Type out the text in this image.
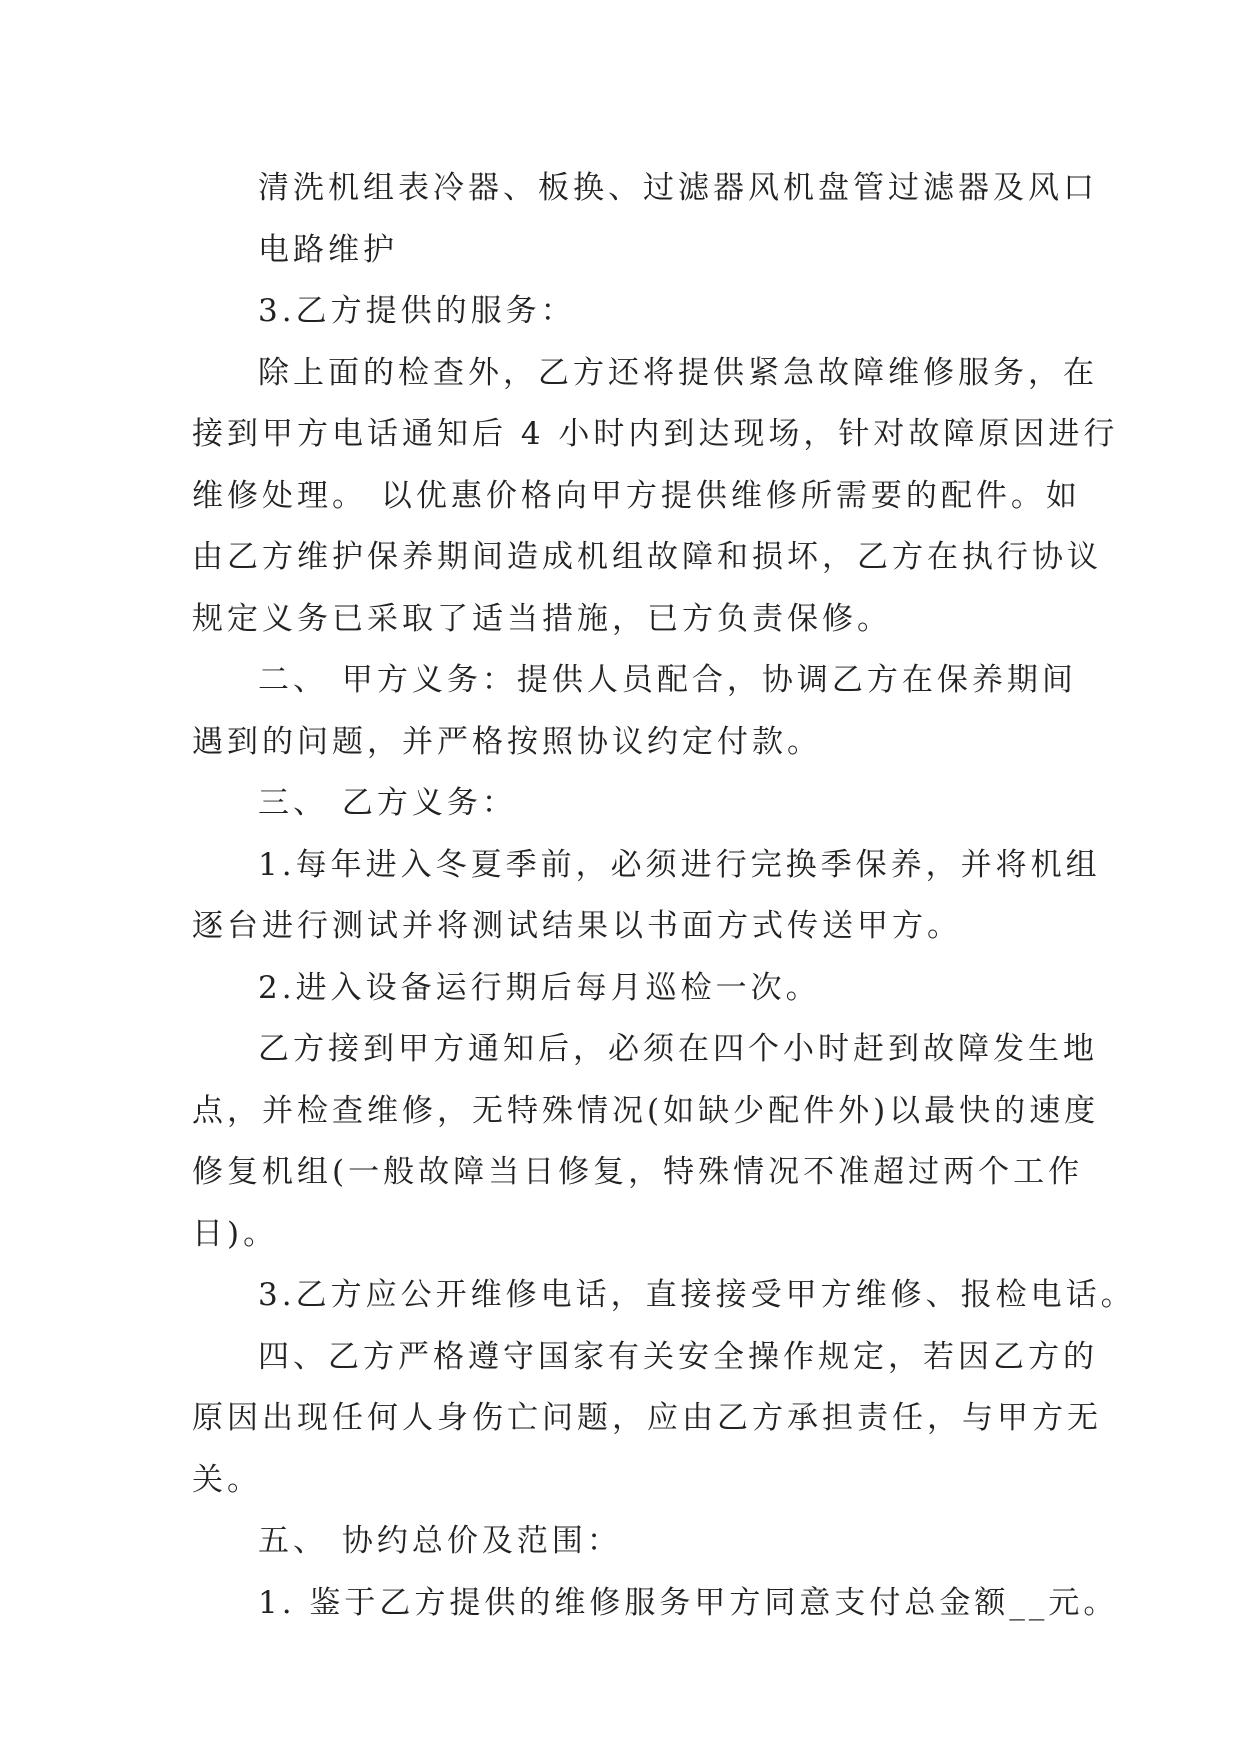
清洗机组表冷器、板换、过滤器风机盘管过滤器及风口
电路维护
3.乙方提供的服务：
除上面的检查外，乙方还将提供紧急故障维修服务，在
接到甲方电话通知后 4 小时内到达现场，针对故障原因进行
维修处理。 以优惠价格向甲方提供维修所需要的配件。如
由乙方维护保养期间造成机组故障和损坏，乙方在执行协议
规定义务已采取了适当措施，已方负责保修。
二、 甲方义务：提供人员配合，协调乙方在保养期间
遇到的问题，并严格按照协议约定付款。
三、 乙方义务：
1.每年进入冬夏季前，必须进行完换季保养，并将机组
逐台进行测试并将测试结果以书面方式传送甲方。
2.进入设备运行期后每月巡检一次。
乙方接到甲方通知后，必须在四个小时赶到故障发生地
点，并检查维修，无特殊情况(如缺少配件外)以最快的速度
修复机组(一般故障当日修复，特殊情况不准超过两个工作
日)。
3.乙方应公开维修电话，直接接受甲方维修、报检电话。
四、乙方严格遵守国家有关安全操作规定，若因乙方的
原因出现任何人身伤亡问题，应由乙方承担责任，与甲方无
关。
五、 协约总价及范围：
1. 鉴于乙方提供的维修服务甲方同意支付总金额__元。
